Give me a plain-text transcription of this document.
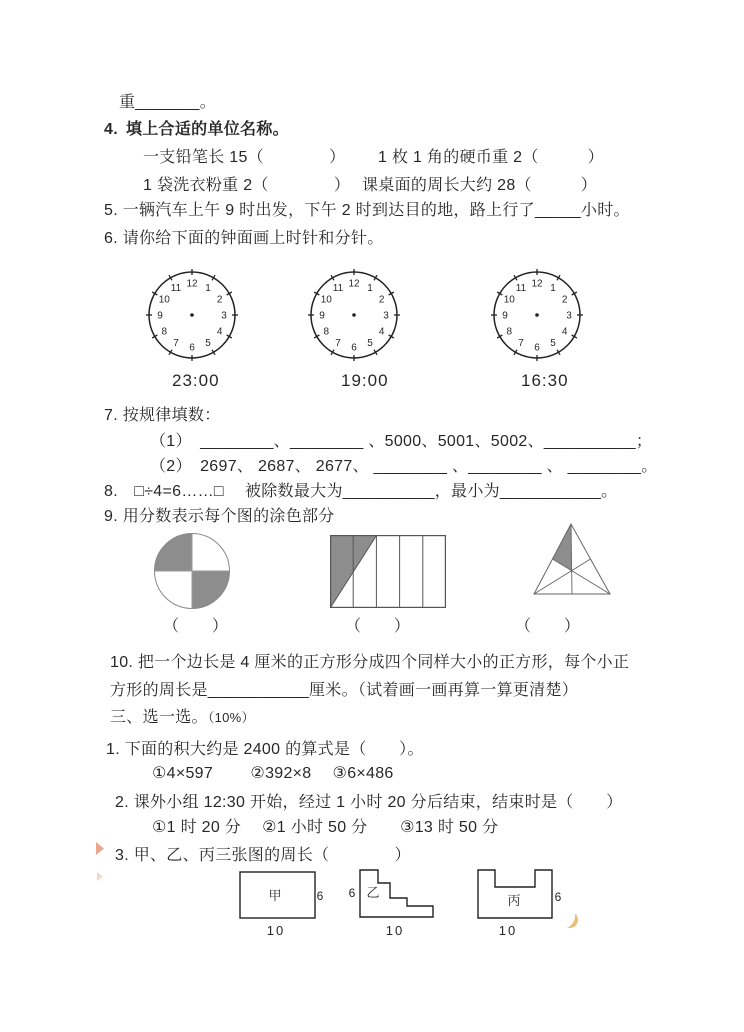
重_______。
4. 填上合适的单位名称。
一支铅笔长 15（　　　　） 1 枚 1 角的硬币重 2（　　　）
1 袋洗衣粉重 2（　　　　） 课桌面的周长大约 28（　　　）
5. 一辆汽车上午 9 时出发，下午 2 时到达目的地，路上行了_____小时。
6. 请你给下面的钟面画上时针和分针。
12 1
2
3
4
5
6
7
8
9
10
11	12 1
2
3
4
5
6
7
8
9
10
11	12 1
2
3
4
5
6
7
8
9
10
11
23:00	19:00	16:30
7. 按规律填数：
（1）　________、________ 、5000、5001、5002、__________；
（2）　2697、 2687、 2677、 ________ 、________ 、 ________。
8.　□÷4=6……□　 被除数最大为__________，最小为___________。
9. 用分数表示每个图的涂色部分
（　　）	（　　）	（　　）
10. 把一个边长是 4 厘米的正方形分成四个同样大小的正方形，每个小正
方形的周长是___________厘米。（试着画一画再算一算更清楚）
三、选一选。（10%）
1. 下面的积大约是 2400 的算式是（　　）。
①4×597　　 ②392×8　 ③6×486
2. 课外小组 12:30 开始，经过 1 小时 20 分后结束，结束时是（　　）
①1 时 20 分　 ②1 小时 50 分　　③13 时 50 分
3. 甲、乙、丙三张图的周长（　　　　）
甲	6
10
6 乙
10
丙	6
10
